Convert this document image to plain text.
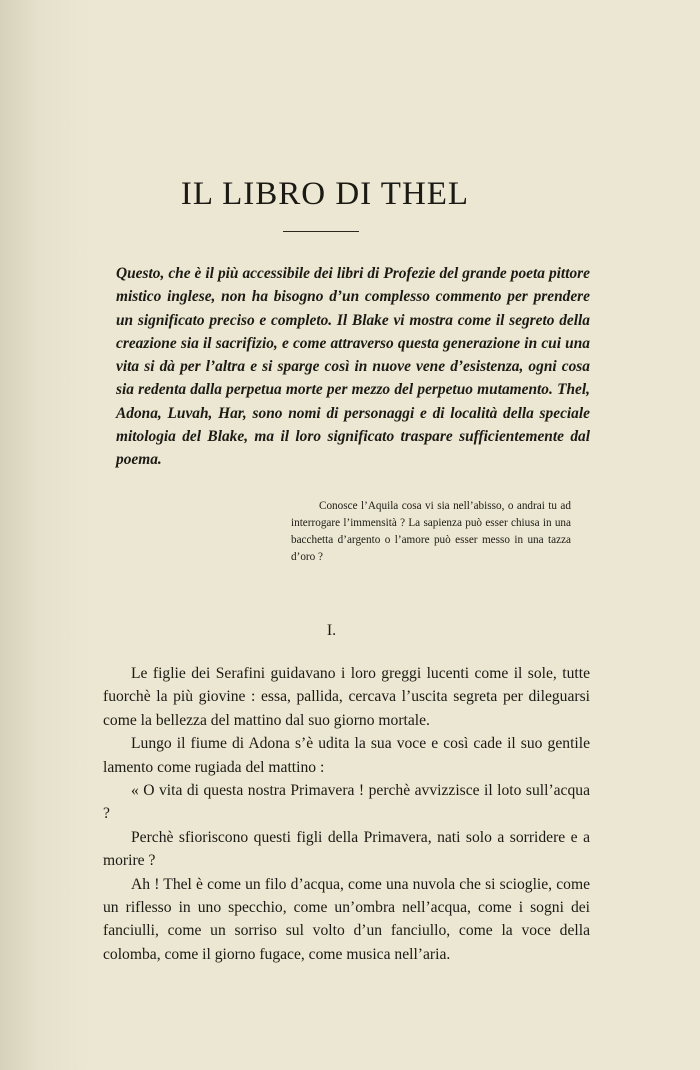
IL LIBRO DI THEL

Questo, che è il più accessibile dei libri di Profezie del grande poeta pittore mistico inglese, non ha bisogno d’un complesso commento per prendere un significato preciso e completo. Il Blake vi mostra come il segreto della creazione sia il sacrifizio, e come attraverso questa generazione in cui una vita si dà per l’altra e si sparge così in nuove vene d’esistenza, ogni cosa sia redenta dalla perpetua morte per mezzo del perpetuo mutamento. Thel, Adona, Luvah, Har, sono nomi di personaggi e di località della speciale mitologia del Blake, ma il loro significato traspare sufficientemente dal poema.

Conosce l’Aquila cosa vi sia nell’abisso, o andrai tu ad interrogare l’immensità ? La sapienza può esser chiusa in una bacchetta d’argento o l’amore può esser messo in una tazza d’oro ?

I.

Le figlie dei Serafini guidavano i loro greggi lucenti come il sole, tutte fuorchè la più giovine : essa, pallida, cercava l’uscita segreta per dileguarsi come la bellezza del mattino dal suo giorno mortale.

Lungo il fiume di Adona s’è udita la sua voce e così cade il suo gentile lamento come rugiada del mattino :

« O vita di questa nostra Primavera ! perchè avvizzisce il loto sull’acqua ?

Perchè sfioriscono questi figli della Primavera, nati solo a sorridere e a morire ?

Ah ! Thel è come un filo d’acqua, come una nuvola che si scioglie, come un riflesso in uno specchio, come un’ombra nell’acqua, come i sogni dei fanciulli, come un sorriso sul volto d’un fanciullo, come la voce della colomba, come il giorno fugace, come musica nell’aria.
